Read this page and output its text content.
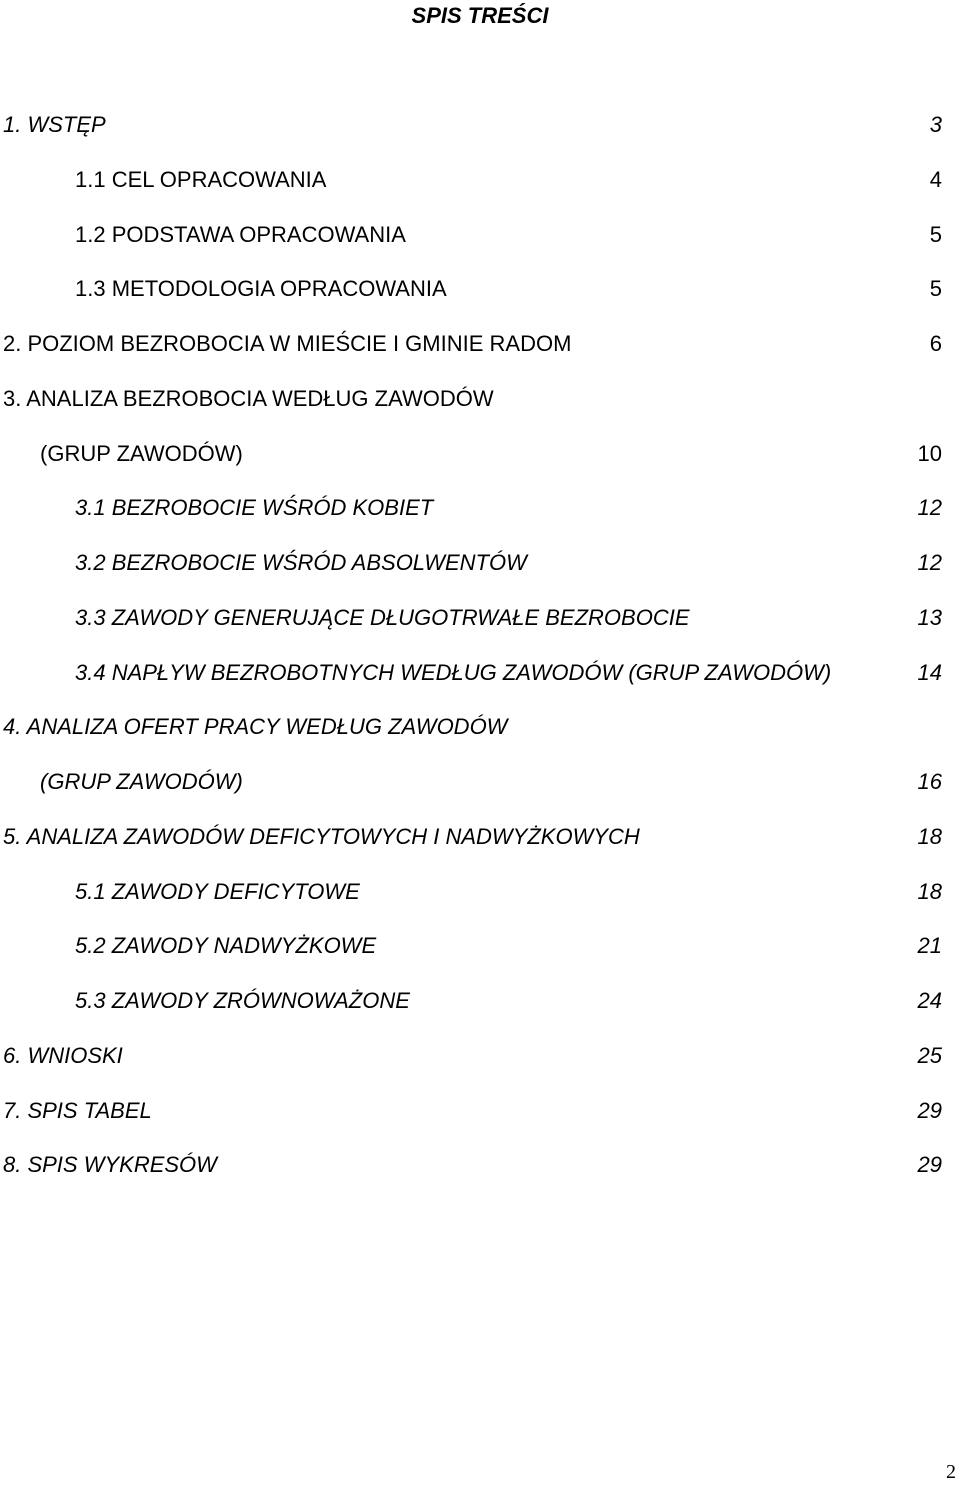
SPIS TREŚCI
1. WSTĘP	3
1.1 CEL OPRACOWANIA	4
1.2 PODSTAWA OPRACOWANIA	5
1.3 METODOLOGIA OPRACOWANIA	5
2. POZIOM BEZROBOCIA W MIEŚCIE I GMINIE RADOM	6
3. ANALIZA BEZROBOCIA WEDŁUG ZAWODÓW
(GRUP ZAWODÓW)	10
3.1 BEZROBOCIE WŚRÓD KOBIET	12
3.2 BEZROBOCIE WŚRÓD ABSOLWENTÓW	12
3.3 ZAWODY GENERUJĄCE DŁUGOTRWAŁE BEZROBOCIE	13
3.4 NAPŁYW BEZROBOTNYCH WEDŁUG ZAWODÓW (GRUP ZAWODÓW)	14
4. ANALIZA OFERT PRACY WEDŁUG ZAWODÓW
(GRUP ZAWODÓW)	16
5. ANALIZA ZAWODÓW DEFICYTOWYCH I NADWYŻKOWYCH	18
5.1 ZAWODY DEFICYTOWE	18
5.2 ZAWODY NADWYŻKOWE	21
5.3 ZAWODY ZRÓWNOWAŻONE	24
6. WNIOSKI	25
7. SPIS TABEL	29
8. SPIS WYKRESÓW	29
2
